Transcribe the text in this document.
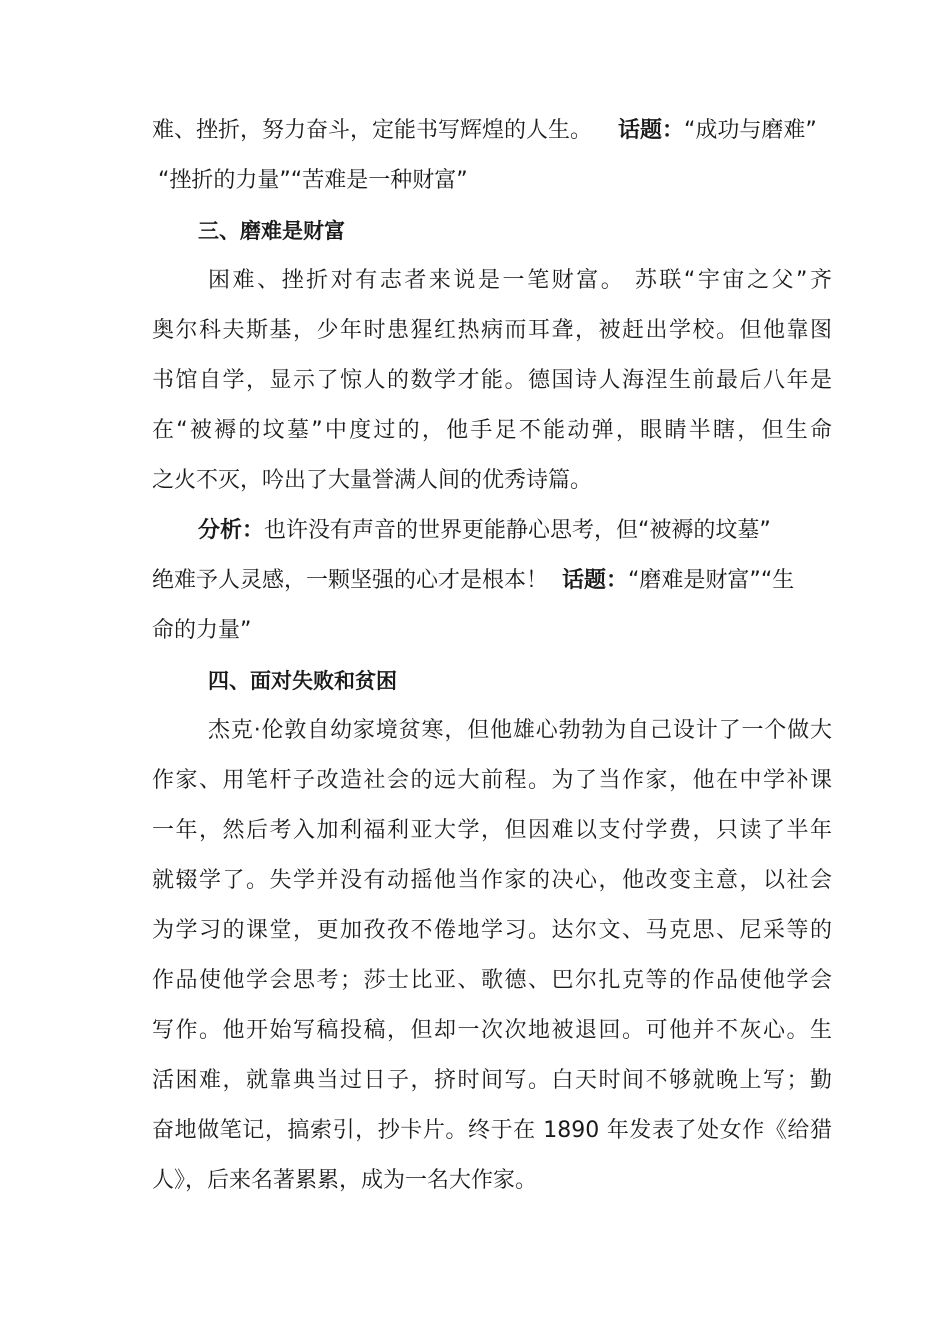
难、挫折，努力奋斗，定能书写辉煌的人生。 话题：“成功与磨难”
“挫折的力量”“苦难是一种财富”
三、磨难是财富
困难、挫折对有志者来说是一笔财富。 苏联“宇宙之父”齐
奥尔科夫斯基，少年时患猩红热病而耳聋，被赶出学校。但他靠图
书馆自学，显示了惊人的数学才能。德国诗人海涅生前最后八年是
在“被褥的坟墓”中度过的，他手足不能动弹，眼睛半瞎，但生命
之火不灭，吟出了大量誉满人间的优秀诗篇。
分析：也许没有声音的世界更能静心思考，但“被褥的坟墓”
绝难予人灵感，一颗坚强的心才是根本！ 话题：“磨难是财富”“生
命的力量”
四、面对失败和贫困
杰克·伦敦自幼家境贫寒，但他雄心勃勃为自己设计了一个做大
作家、用笔杆子改造社会的远大前程。为了当作家，他在中学补课
一年，然后考入加利福利亚大学，但因难以支付学费，只读了半年
就辍学了。失学并没有动摇他当作家的决心，他改变主意，以社会
为学习的课堂，更加孜孜不倦地学习。达尔文、马克思、尼采等的
作品使他学会思考；莎士比亚、歌德、巴尔扎克等的作品使他学会
写作。他开始写稿投稿，但却一次次地被退回。可他并不灰心。生
活困难，就靠典当过日子，挤时间写。白天时间不够就晚上写；勤
奋地做笔记，搞索引，抄卡片。终于在 1890 年发表了处女作《给猎
人》，后来名著累累，成为一名大作家。
